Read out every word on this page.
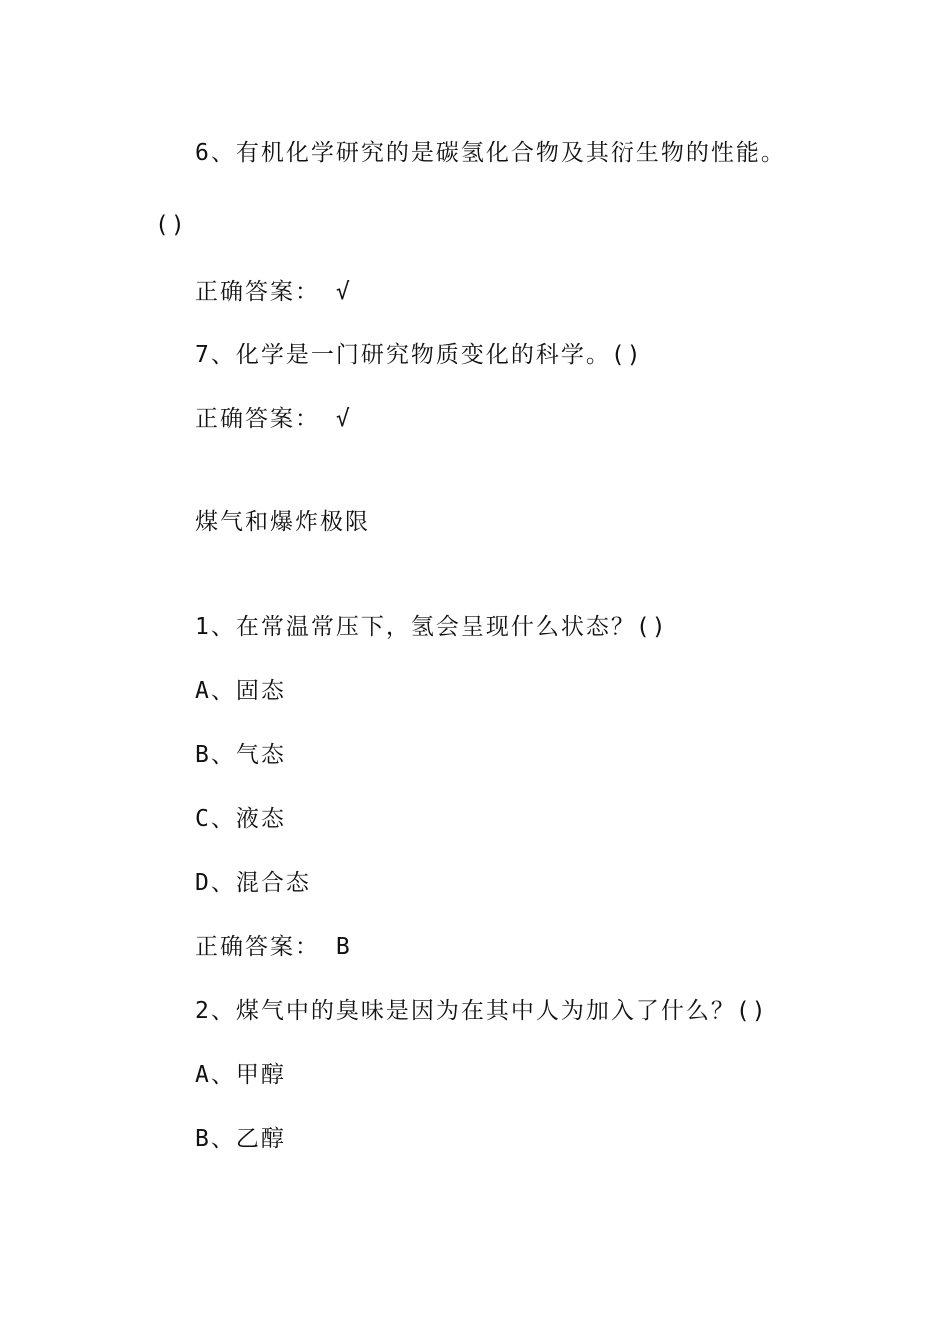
6、有机化学研究的是碳氢化合物及其衍生物的性能。
()
正确答案： √
7、化学是一门研究物质变化的科学。()
正确答案： √
煤气和爆炸极限
1、在常温常压下，氢会呈现什么状态？()
A、固态
B、气态
C、液态
D、混合态
正确答案： B
2、煤气中的臭味是因为在其中人为加入了什么？()
A、甲醇
B、乙醇
